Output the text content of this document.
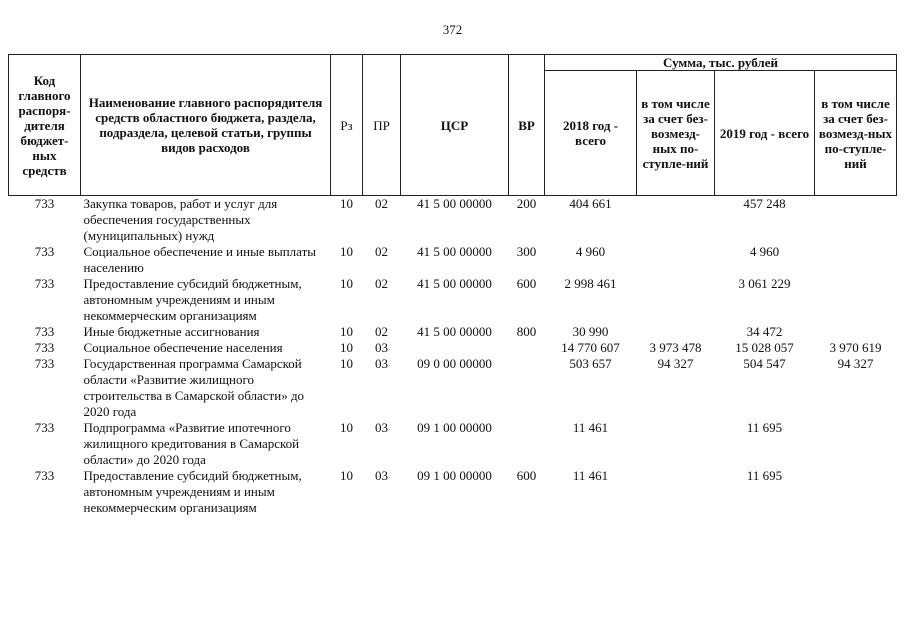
372
Код главного распоря-дителя бюджет-ных средств	Наименование главного распорядителя средств областного бюджета, раздела, подраздела, целевой статьи, группы видов расходов	Рз	ПР	ЦСР	ВР	Сумма, тыс. рублей			
						2018 год - всего	в том числе за счет без-возмезд-ных по-ступле-ний	2019 год - всего	в том числе за счет без-возмезд-ных по-ступле-ний
733	Закупка товаров, работ и услуг для обеспечения государственных (муниципальных) нужд	10	02	41 5 00 00000	200	404 661		457 248	
733	Социальное обеспечение и иные выплаты населению	10	02	41 5 00 00000	300	4 960		4 960	
733	Предоставление субсидий бюджетным, автономным учреждениям и иным некоммерческим организациям	10	02	41 5 00 00000	600	2 998 461		3 061 229	
733	Иные бюджетные ассигнования	10	02	41 5 00 00000	800	30 990		34 472	
733	Социальное обеспечение населения	10	03			14 770 607	3 973 478	15 028 057	3 970 619
733	Государственная программа Самарской области «Развитие жилищного строительства в Самарской области» до 2020 года	10	03	09 0 00 00000		503 657	94 327	504 547	94 327
733	Подпрограмма «Развитие ипотечного жилищного кредитования в Самарской области» до 2020 года	10	03	09 1 00 00000		11 461		11 695	
733	Предоставление субсидий бюджетным, автономным учреждениям и иным некоммерческим организациям	10	03	09 1 00 00000	600	11 461		11 695	
